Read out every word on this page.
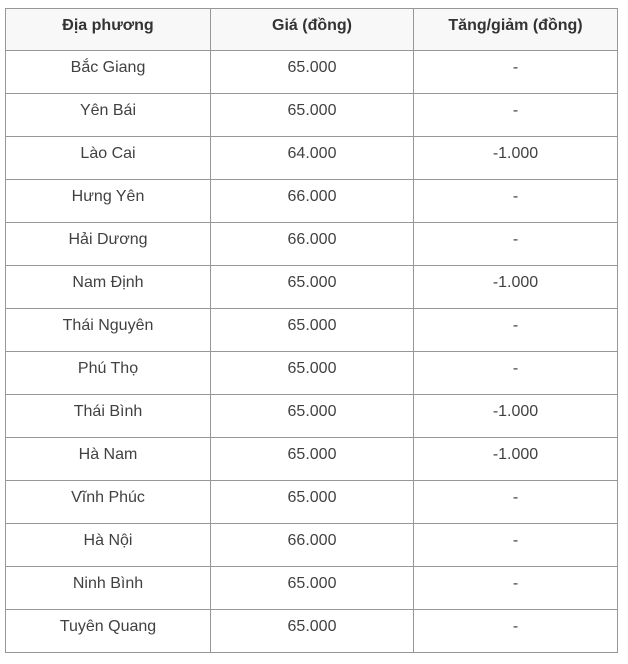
Địa phương	Giá (đồng)	Tăng/giảm (đồng)
Bắc Giang	65.000	-
Yên Bái	65.000	-
Lào Cai	64.000	-1.000
Hưng Yên	66.000	-
Hải Dương	66.000	-
Nam Định	65.000	-1.000
Thái Nguyên	65.000	-
Phú Thọ	65.000	-
Thái Bình	65.000	-1.000
Hà Nam	65.000	-1.000
Vĩnh Phúc	65.000	-
Hà Nội	66.000	-
Ninh Bình	65.000	-
Tuyên Quang	65.000	-
